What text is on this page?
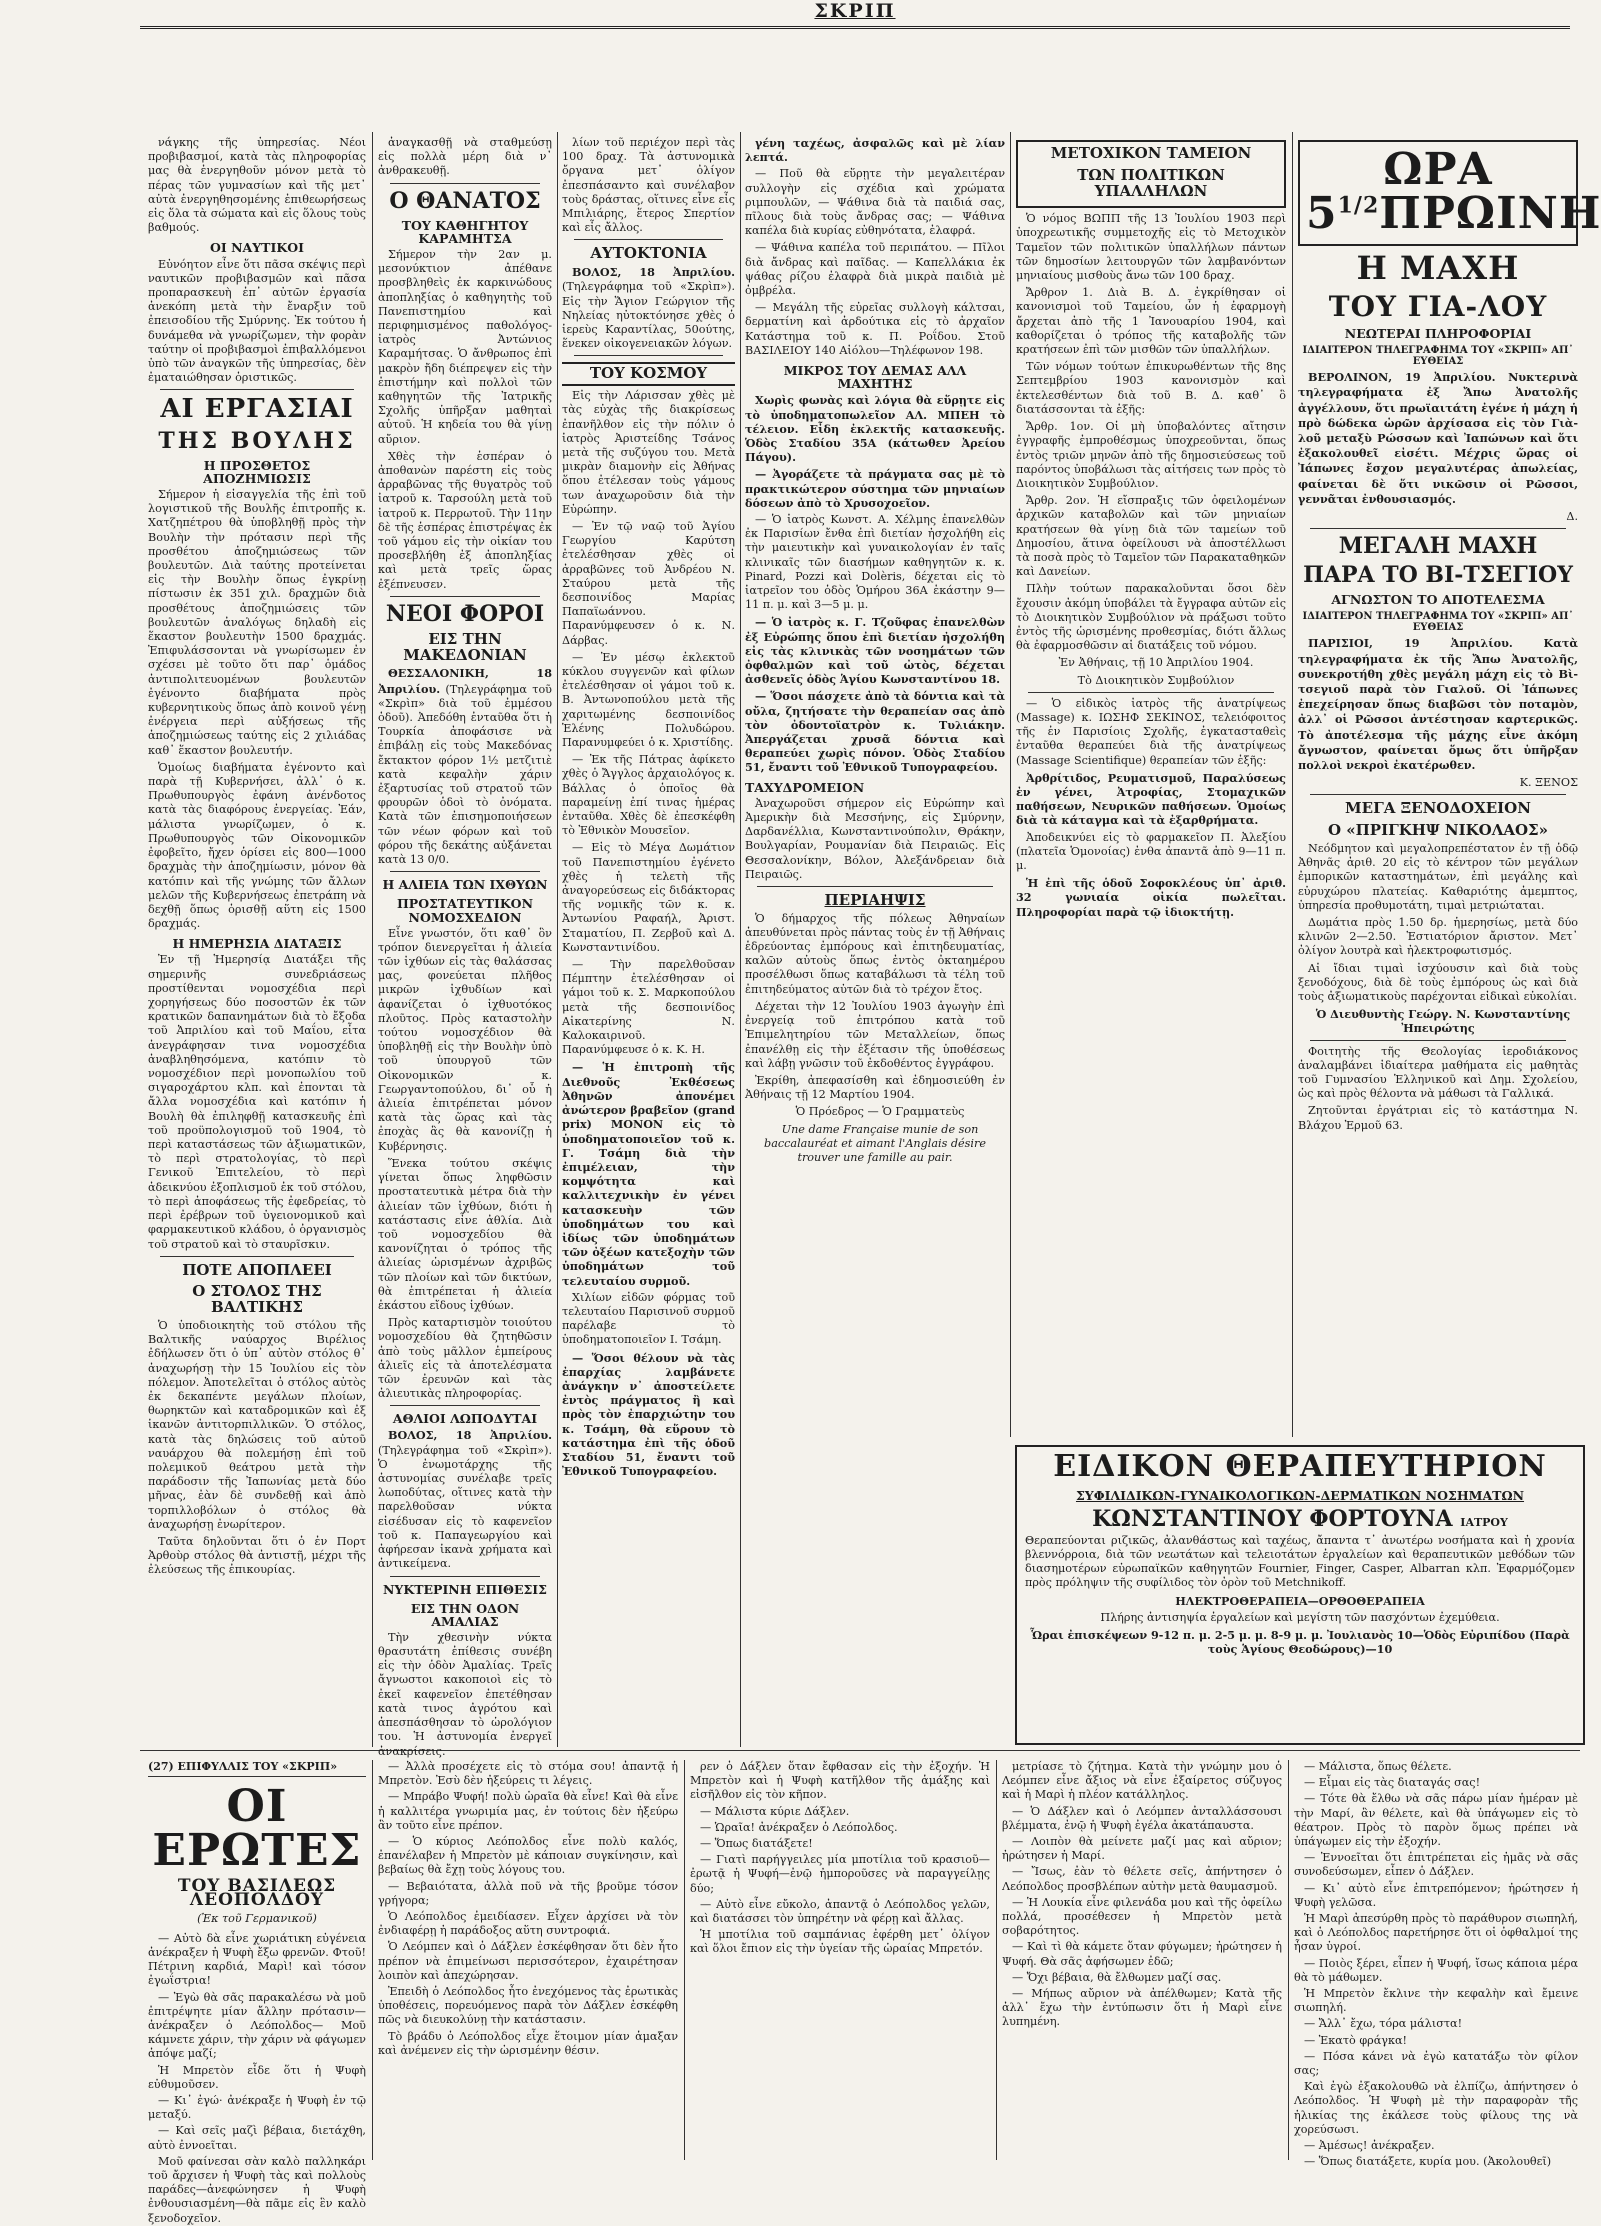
ΣΚΡΙΠ

νάγκης τῆς ὑπηρεσίας. Νέοι προβιβασμοί, κατὰ τὰς πληροφορίας μας θὰ ἐνεργηθοῦν μόνον μετὰ τὸ πέρας τῶν γυμνασίων καὶ τῆς μετ᾽ αὐτὰ ἐνεργηθησομένης ἐπιθεωρήσεως εἰς ὅλα τὰ σώματα καὶ εἰς ὅλους τοὺς βαθμούς.

ΟΙ ΝΑΥΤΙΚΟΙ

Εὐνόητον εἶνε ὅτι πᾶσα σκέψις περὶ ναυτικῶν προβιβασμῶν καὶ πᾶσα προπαρασκευὴ ἐπ᾽ αὐτῶν ἐργασία ἀνεκόπη μετὰ τὴν ἔναρξιν τοῦ ἐπεισοδίου τῆς Σμύρνης. Ἐκ τούτου ἡ δυνάμεθα νὰ γνωρίζωμεν, τὴν φορὰν ταύτην οἱ προβιβασμοὶ ἐπιβαλλόμενοι ὑπὸ τῶν ἀναγκῶν τῆς ὑπηρεσίας, δὲν ἐματαιώθησαν ὁριστικῶς.

ΑΙ ΕΡΓΑΣΙΑΙ
ΤΗΣ ΒΟΥΛΗΣ
Η ΠΡΟΣΘΕΤΟΣ ΑΠΟΖΗΜΙΩΣΙΣ

Σήμερον ἡ εἰσαγγελία τῆς ἐπὶ τοῦ λογιστικοῦ τῆς Βουλῆς ἐπιτροπῆς κ. Χατζηπέτρου θὰ ὑποβληθῇ πρὸς τὴν Βουλὴν τὴν πρότασιν περὶ τῆς προσθέτου ἀποζημιώσεως τῶν βουλευτῶν. Διὰ ταύτης προτείνεται εἰς τὴν Βουλὴν ὅπως ἐγκρίνῃ πίστωσιν ἐκ 351 χιλ. δραχμῶν διὰ προσθέτους ἀποζημιώσεις τῶν βουλευτῶν ἀναλόγως δηλαδὴ εἰς ἕκαστον βουλευτὴν 1500 δραχμάς. Ἐπιφυλάσσονται νὰ γνωρίσωμεν ἐν σχέσει μὲ τοῦτο ὅτι παρ᾽ ὁμάδος ἀντιπολιτευομένων βουλευτῶν ἐγένοντο διαβήματα πρὸς κυβερνητικοὺς ὅπως ἀπὸ κοινοῦ γένῃ ἐνέργεια περὶ αὐξήσεως τῆς ἀποζημιώσεως ταύτης εἰς 2 χιλιάδας καθ᾽ ἕκαστον βουλευτήν.

Ὁμοίως διαβήματα ἐγένοντο καὶ παρὰ τῇ Κυβερνήσει, ἀλλ᾽ ὁ κ. Πρωθυπουργὸς ἐφάνη ἀνένδοτος κατὰ τὰς διαφόρους ἐνεργείας. Ἐάν, μάλιστα γνωρίζωμεν, ὁ κ. Πρωθυπουργὸς τῶν Οἰκονομικῶν ἐφοβεῖτο, ἤχεν ὁρίσει εἰς 800—1000 δραχμὰς τὴν ἀποζημίωσιν, μόνον θὰ κατόπιν καὶ τῆς γνώμης τῶν ἄλλων μελῶν τῆς Κυβερνήσεως ἐπετράπη νὰ δεχθῇ ὅπως ὁρισθῇ αὕτη εἰς 1500 δραχμάς.

Η ΗΜΕΡΗΣΙΑ ΔΙΑΤΑΞΙΣ

Ἐν τῇ Ἡμερησίᾳ Διατάξει τῆς σημερινῆς συνεδριάσεως προστίθενται νομοσχέδια περὶ χορηγήσεως δύο ποσοστῶν ἐκ τῶν κρατικῶν δαπανημάτων διὰ τὸ ἔξοδα τοῦ Ἀπριλίου καὶ τοῦ Μαΐου, εἶτα ἀνεγράφησαν τινα νομοσχέδια ἀναβληθησόμενα, κατόπιν τὸ νομοσχέδιον περὶ μονοπωλίου τοῦ σιγαροχάρτου κλπ. καὶ ἐπονται τὰ ἄλλα νομοσχέδια καὶ κατόπιν ἡ Βουλὴ θὰ ἐπιληφθῇ κατασκευῆς ἐπὶ τοῦ προϋπολογισμοῦ τοῦ 1904, τὸ περὶ καταστάσεως τῶν ἀξιωματικῶν, τὸ περὶ στρατολογίας, τὸ περὶ Γενικοῦ Ἐπιτελείου, τὸ περὶ ἀδεικνύου ἐξοπλισμοῦ ἐκ τοῦ στόλου, τὸ περὶ ἀποφάσεως τῆς ἐφεδρείας, τὸ περὶ ἐρέβρων τοῦ ὑγειονομικοῦ καὶ φαρμακευτικοῦ κλάδου, ὁ ὀργανισμὸς τοῦ στρατοῦ καὶ τὸ σταυρῖσκιν.

ΠΟΤΕ ΑΠΟΠΛΕΕΙ
Ο ΣΤΟΛΟΣ ΤΗΣ ΒΑΛΤΙΚΗΣ

Ὁ ὑποδιοικητὴς τοῦ στόλου τῆς Βαλτικῆς ναύαρχος Βιρέλιος ἐδήλωσεν ὅτι ὁ ὑπ᾽ αὐτὸν στόλος θ᾽ ἀναχωρήσῃ τὴν 15 Ἰουλίου εἰς τὸν πόλεμον. Ἀποτελεῖται ὁ στόλος αὐτὸς ἐκ δεκαπέντε μεγάλων πλοίων, θωρηκτῶν καὶ καταδρομικῶν καὶ ἐξ ἱκανῶν ἀντιτορπιλλικῶν. Ὁ στόλος, κατὰ τὰς δηλώσεις τοῦ αὐτοῦ ναυάρχου θὰ πολεμήσῃ ἐπὶ τοῦ πολεμικοῦ θεάτρου μετὰ τὴν παράδοσιν τῆς Ἰαπωνίας μετὰ δύο μῆνας, ἐὰν δὲ συνδεθῇ καὶ ἀπὸ τορπιλλοβόλων ὁ στόλος θὰ ἀναχωρήσῃ ἐνωρίτερον.

Ταῦτα δηλοῦνται ὅτι ὁ ἐν Πορτ Ἀρθοὺρ στόλος θὰ ἀντιστῇ, μέχρι τῆς ἐλεύσεως τῆς ἐπικουρίας.

ἀναγκασθῇ νὰ σταθμεύσῃ εἰς πολλὰ μέρη διὰ ν᾽ ἀνθρακευθῇ.

Ο ΘΑΝΑΤΟΣ
ΤΟΥ ΚΑΘΗΓΗΤΟΥ ΚΑΡΑΜΗΤΣΑ

Σήμερον τὴν 2αν μ. μεσονύκτιον ἀπέθανε προσβληθεὶς ἐκ καρκινώδους ἀποπληξίας ὁ καθηγητὴς τοῦ Πανεπιστημίου καὶ περιφημισμένος παθολόγος-ἰατρὸς Ἀντώνιος Καραμήτσας. Ὁ ἄνθρωπος ἐπὶ μακρὸν ἤδη διέπρεψεν εἰς τὴν ἐπιστήμην καὶ πολλοὶ τῶν καθηγητῶν τῆς Ἰατρικῆς Σχολῆς ὑπῆρξαν μαθηταὶ αὐτοῦ. Ἡ κηδεία του θὰ γίνῃ αὔριον.

Χθὲς τὴν ἑσπέραν ὁ ἀποθανὼν παρέστη εἰς τοὺς ἀρραβῶνας τῆς θυγατρὸς τοῦ ἰατροῦ κ. Ταρσούλη μετὰ τοῦ ἰατροῦ κ. Περρωτοῦ. Τὴν 11ην δὲ τῆς ἑσπέρας ἐπιστρέψας ἐκ τοῦ γάμου εἰς τὴν οἰκίαν του προσεβλήθη ἐξ ἀποπληξίας καὶ μετὰ τρεῖς ὥρας ἐξέπνευσεν.

ΝΕΟΙ ΦΟΡΟΙ
ΕΙΣ ΤΗΝ ΜΑΚΕΔΟΝΙΑΝ

ΘΕΣΣΑΛΟΝΙΚΗ, 18 Ἀπριλίου. (Τηλεγράφημα τοῦ «Σκρὶπ» διὰ τοῦ ἐμμέσου ὁδοῦ). Ἀπεδόθη ἐνταῦθα ὅτι ἡ Τουρκία ἀποφάσισε νὰ ἐπιβάλῃ εἰς τοὺς Μακεδόνας ἔκτακτον φόρον 1½ μετζιτιὲ κατὰ κεφαλὴν χάριν ἐξαρτυσίας τοῦ στρατοῦ τῶν φρουρῶν ὁδοὶ τὸ ὀνόματα. Κατὰ τῶν ἐπισημοποιήσεων τῶν νέων φόρων καὶ τοῦ φόρου τῆς δεκάτης αὐξάνεται κατὰ 13 0/0.

Η ΑΛΙΕΙΑ ΤΩΝ ΙΧΘΥΩΝ
ΠΡΟΣΤΑΤΕΥΤΙΚΟΝ ΝΟΜΟΣΧΕΔΙΟΝ

Εἶνε γνωστόν, ὅτι καθ᾽ ὃν τρόπον διενεργεῖται ἡ ἀλιεία τῶν ἰχθύων εἰς τὰς θαλάσσας μας, φονεύεται πλῆθος μικρῶν ἰχθυδίων καὶ ἀφανίζεται ὁ ἰχθυοτόκος πλοῦτος. Πρὸς καταστολὴν τούτου νομοσχέδιον θὰ ὑποβληθῇ εἰς τὴν Βουλὴν ὑπὸ τοῦ ὑπουργοῦ τῶν Οἰκονομικῶν κ. Γεωργαντοπούλου, δι᾽ οὗ ἡ ἀλιεία ἐπιτρέπεται μόνον κατὰ τὰς ὥρας καὶ τὰς ἐποχὰς ἃς θὰ κανονίζῃ ἡ Κυβέρνησις.

Ἕνεκα τούτου σκέψις γίνεται ὅπως ληφθῶσιν προστατευτικὰ μέτρα διὰ τὴν ἀλιείαν τῶν ἰχθύων, διότι ἡ κατάστασις εἶνε ἀθλία. Διὰ τοῦ νομοσχεδίου θὰ κανονίζηται ὁ τρόπος τῆς ἀλιείας ὡρισμένων ἀχριβῶς τῶν πλοίων καὶ τῶν δικτύων, θὰ ἐπιτρέπεται ἡ ἀλιεία ἑκάστου εἴδους ἰχθύων.

Πρὸς καταρτισμὸν τοιούτου νομοσχεδίου θὰ ζητηθῶσιν ἀπὸ τοὺς μᾶλλον ἐμπείρους ἁλιεῖς εἰς τὰ ἀποτελέσματα τῶν ἐρευνῶν καὶ τὰς ἀλιευτικὰς πληροφορίας.

ΑΘΛΙΟΙ ΛΩΠΟΔΥΤΑΙ

ΒΟΛΟΣ, 18 Ἀπριλίου. (Τηλεγράφημα τοῦ «Σκρὶπ»). Ὁ ἐνωμοτάρχης τῆς ἀστυνομίας συνέλαβε τρεῖς λωποδύτας, οἵτινες κατὰ τὴν παρελθοῦσαν νύκτα εἰσέδυσαν εἰς τὸ καφενεῖον τοῦ κ. Παπαγεωργίου καὶ ἀφήρεσαν ἱκανὰ χρήματα καὶ ἀντικείμενα.

ΝΥΚΤΕΡΙΝΗ ΕΠΙΘΕΣΙΣ
ΕΙΣ ΤΗΝ ΟΔΟΝ ΑΜΑΛΙΑΣ

Τὴν χθεσινὴν νύκτα θρασυτάτη ἐπίθεσις συνέβη εἰς τὴν ὁδὸν Ἀμαλίας. Τρεῖς ἄγνωστοι κακοποιοὶ εἰς τὸ ἐκεῖ καφενεῖον ἐπετέθησαν κατὰ τινος ἀγρότου καὶ ἀπεσπάσθησαν τὸ ὡρολόγιον του. Ἡ ἀστυνομία ἐνεργεῖ ἀνακρίσεις.

λίων τοῦ περιέχον περὶ τὰς 100 δραχ. Τὰ ἀστυνομικὰ ὄργανα μετ᾽ ὀλίγον ἐπεσπάσαντο καὶ συνέλαβον τοὺς δράστας, οἵτινες εἶνε εἷς Μπιλιάρης, ἕτερος Σπερτίον καὶ εἷς ἄλλος.

ΑΥΤΟΚΤΟΝΙΑ

ΒΟΛΟΣ, 18 Ἀπριλίου. (Τηλεγράφημα τοῦ «Σκρὶπ»). Εἰς τὴν Ἅγιον Γεώργιον τῆς Νηλείας ηὐτοκτόνησε χθὲς ὁ ἱερεὺς Καραντίλας, 50ούτης, ἕνεκεν οἰκογενειακῶν λόγων.

ΤΟΥ ΚΟΣΜΟΥ

Εἰς τὴν Λάρισσαν χθὲς μὲ τὰς εὐχὰς τῆς διακρίσεως ἐπανῆλθον εἰς τὴν πόλιν ὁ ἰατρὸς Ἀριστείδης Τσάνος μετὰ τῆς συζύγου του. Μετὰ μικρὰν διαμονὴν εἰς Ἀθήνας ὅπου ἐτέλεσαν τοὺς γάμους των ἀναχωροῦσιν διὰ τὴν Εὐρώπην.

— Ἐν τῷ ναῷ τοῦ Ἁγίου Γεωργίου Καρύτση ἐτελέσθησαν χθὲς οἱ ἀρραβῶνες τοῦ Ἀνδρέου Ν. Σταύρου μετὰ τῆς δεσποινίδος Μαρίας Παπαϊωάννου. Παρανύμφευσεν ὁ κ. Ν. Δάρβας.

— Ἐν μέσῳ ἐκλεκτοῦ κύκλου συγγενῶν καὶ φίλων ἐτελέσθησαν οἱ γάμοι τοῦ κ. Β. Ἀντωνοπούλου μετὰ τῆς χαριτωμένης δεσποινίδος Ἑλένης Πολυδώρου. Παρανυμφεύει ὁ κ. Χριστίδης.

— Ἐκ τῆς Πάτρας ἀφίκετο χθὲς ὁ Ἄγγλος ἀρχαιολόγος κ. Βάλλας ὁ ὁποῖος θὰ παραμείνῃ ἐπί τινας ἡμέρας ἐνταῦθα. Χθὲς δὲ ἐπεσκέφθη τὸ Ἐθνικὸν Μουσεῖον.

— Εἰς τὸ Μέγα Δωμάτιον τοῦ Πανεπιστημίου ἐγένετο χθὲς ἡ τελετὴ τῆς ἀναγορεύσεως εἰς διδάκτορας τῆς νομικῆς τῶν κ. κ. Ἀντωνίου Ραφαήλ, Ἀριστ. Σταματίου, Π. Ζερβοῦ καὶ Δ. Κωνσταντινίδου.

— Τὴν παρελθοῦσαν Πέμπτην ἐτελέσθησαν οἱ γάμοι τοῦ κ. Σ. Μαρκοπούλου μετὰ τῆς δεσποινίδος Αἰκατερίνης Ν. Καλοκαιρινοῦ. Παρανύμφευσε ὁ κ. Κ. Η.

— Ἡ ἐπιτροπὴ τῆς Διεθνοῦς Ἐκθέσεως Ἀθηνῶν ἀπονέμει ἀνώτερον βραβεῖον (grand prix) ΜΟΝΟΝ εἰς τὸ ὑποδηματοποιεῖον τοῦ κ. Γ. Τσάμη διὰ τὴν ἐπιμέλειαν, τὴν κομψότητα καὶ καλλιτεχνικὴν ἐν γένει κατασκευὴν τῶν ὑποδημάτων του καὶ ἰδίως τῶν ὑποδημάτων τῶν ὀξέων κατεξοχὴν τῶν ὑποδημάτων τοῦ τελευταίου συρμοῦ.

Χιλίων εἰδῶν φόρμας τοῦ τελευταίου Παρισινοῦ συρμοῦ παρέλαβε τὸ ὑποδηματοποιεῖον Ι. Τσάμη.

— Ὅσοι θέλουν νὰ τὰς ἐπαρχίας λαμβάνετε ἀνάγκην ν᾽ ἀποστείλετε ἐντὸς πράγματος ἢ καὶ πρὸς τὸν ἐπαρχιώτην του κ. Τσάμη, θὰ εὕρουν τὸ κατάστημα ἐπὶ τῆς ὁδοῦ Σταδίου 51, ἔναντι τοῦ Ἐθνικοῦ Τυπογραφείου.

γένη ταχέως, ἀσφαλῶς καὶ μὲ λίαν λεπτά.

— Ποῦ θὰ εὕρῃτε τὴν μεγαλειτέραν συλλογὴν εἰς σχέδια καὶ χρώματα ριμπουλῶν, — Ψάθινα διὰ τὰ παιδιά σας, πῖλους διὰ τοὺς ἄνδρας σας; — Ψάθινα καπέλα διὰ κυρίας εὐθηνότατα, ἐλαφρά.

— Ψάθινα καπέλα τοῦ περιπάτου. — Πῖλοι διὰ ἄνδρας καὶ παῖδας. — Καπελλάκια ἐκ ψάθας ρίζου ἐλαφρὰ διὰ μικρὰ παιδιὰ μὲ ὁμβρέλα.

— Μεγάλη τῆς εὐρεῖας συλλογὴ κάλτσαι, δερματίνη καὶ ἀρδούτικα εἰς τὸ ἀρχαῖον Κατάστημα τοῦ κ. Π. Ροΐδου. Στοῦ ΒΑΣΙΛΕΙΟΥ 140 Αἰόλου—Τηλέφωνον 198.

ΜΙΚΡΟΣ ΤΟΥ ΔΕΜΑΣ ΑΛΛ ΜΑΧΗΤΗΣ

Χωρὶς φωνὰς καὶ λόγια θὰ εὕρῃτε εἰς τὸ ὑποδηματοπωλεῖον ΑΛ. ΜΠΕΗ τὸ τέλειον. Εἶδη ἐκλεκτῆς κατασκευῆς. Ὁδὸς Σταδίου 35Α (κάτωθεν Ἀρείου Πάγου).

— Ἀγοράζετε τὰ πράγματα σας μὲ τὸ πρακτικώτερον σύστημα τῶν μηνιαίων δόσεων ἀπὸ τὸ Χρυσοχοεῖον.

— Ὁ ἰατρὸς Κωνστ. Α. Χέλμης ἐπανελθὼν ἐκ Παρισίων ἔνθα ἐπὶ διετίαν ἠσχολήθη εἰς τὴν μαιευτικὴν καὶ γυναικολογίαν ἐν ταῖς κλινικαῖς τῶν διασήμων καθηγητῶν κ. κ. Pinard, Pozzi καὶ Dolèris, δέχεται εἰς τὸ ἰατρεῖον του ὁδὸς Ὁμήρου 36Α ἑκάστην 9—11 π. μ. καὶ 3—5 μ. μ.

— Ὁ ἰατρὸς κ. Γ. Τζοῦφας ἐπανελθὼν ἐξ Εὐρώπης ὅπου ἐπὶ διετίαν ἠσχολήθη εἰς τὰς κλινικὰς τῶν νοσημάτων τῶν ὀφθαλμῶν καὶ τοῦ ὠτὸς, δέχεται ἀσθενεῖς ὁδὸς Ἁγίου Κωνσταντίνου 18.

— Ὅσοι πάσχετε ἀπὸ τὰ δόντια καὶ τὰ οὔλα, ζητήσατε τὴν θεραπείαν σας ἀπὸ τὸν ὀδοντοϊατρὸν κ. Τυλιάκην. Ἀπεργάζεται χρυσᾶ δόντια καὶ θεραπεύει χωρὶς πόνον. Ὁδὸς Σταδίου 51, ἔναντι τοῦ Ἐθνικοῦ Τυπογραφείου.

ΤΑΧΥΔΡΟΜΕΙΟΝ

Ἀναχωροῦσι σήμερον εἰς Εὐρώπην καὶ Ἀμερικὴν διὰ Μεσσήνης, εἰς Σμύρνην, Δαρδανέλλια, Κωνσταντινούπολιν, Θράκην, Βουλγαρίαν, Ρουμανίαν διὰ Πειραιῶς. Εἰς Θεσσαλονίκην, Βόλον, Ἀλεξάνδρειαν διὰ Πειραιῶς.

ΠΕΡΙΑΗΨΙΣ

Ὁ δήμαρχος τῆς πόλεως Ἀθηναίων ἀπευθύνεται πρὸς πάντας τοὺς ἐν τῇ Ἀθήναις ἑδρεύοντας ἐμπόρους καὶ ἐπιτηδευματίας, καλῶν αὐτοὺς ὅπως ἐντὸς ὀκταημέρου προσέλθωσι ὅπως καταβάλωσι τὰ τέλη τοῦ ἐπιτηδεύματος αὐτῶν διὰ τὸ τρέχον ἔτος.

Δέχεται τὴν 12 Ἰουλίου 1903 ἀγωγὴν ἐπὶ ἐνεργείᾳ τοῦ ἐπιτρόπου κατὰ τοῦ Ἐπιμελητηρίου τῶν Μεταλλείων, ὅπως ἐπανέλθῃ εἰς τὴν ἐξέτασιν τῆς ὑποθέσεως καὶ λάβῃ γνῶσιν τοῦ ἐκδοθέντος ἐγγράφου.

Ἐκρίθη, ἀπεφασίσθη καὶ ἐδημοσιεύθη ἐν Ἀθήναις τῇ 12 Μαρτίου 1904.

Ὁ Πρόεδρος — Ὁ Γραμματεὺς

Une dame Française munie de son baccalauréat et aimant l'Anglais désire trouver une famille au pair.

ΜΕΤΟΧΙΚΟΝ ΤΑΜΕΙΟΝ
ΤΩΝ ΠΟΛΙΤΙΚΩΝ ΥΠΑΛΛΗΛΩΝ

Ὁ νόμος ΒΩΠΠ τῆς 13 Ἰουλίου 1903 περὶ ὑποχρεωτικῆς συμμετοχῆς εἰς τὸ Μετοχικὸν Ταμεῖον τῶν πολιτικῶν ὑπαλλήλων πάντων τῶν δημοσίων λειτουργῶν τῶν λαμβανόντων μηνιαίους μισθοὺς ἄνω τῶν 100 δραχ.

Ἄρθρον 1. Διὰ Β. Δ. ἐγκρίθησαν οἱ κανονισμοὶ τοῦ Ταμείου, ὧν ἡ ἐφαρμογὴ ἄρχεται ἀπὸ τῆς 1 Ἰανουαρίου 1904, καὶ καθορίζεται ὁ τρόπος τῆς καταβολῆς τῶν κρατήσεων ἐπὶ τῶν μισθῶν τῶν ὑπαλλήλων.

Τῶν νόμων τούτων ἐπικυρωθέντων τῆς 8ης Σεπτεμβρίου 1903 κανονισμὸν καὶ ἐκτελεσθέντων διὰ τοῦ Β. Δ. καθ᾽ ὃ διατάσσονται τὰ ἑξῆς:

Ἄρθρ. 1ον. Οἱ μὴ ὑποβαλόντες αἴτησιν ἐγγραφῆς ἐμπροθέσμως ὑποχρεοῦνται, ὅπως ἐντὸς τριῶν μηνῶν ἀπὸ τῆς δημοσιεύσεως τοῦ παρόντος ὑποβάλωσι τὰς αἰτήσεις των πρὸς τὸ Διοικητικὸν Συμβούλιον.

Ἄρθρ. 2ον. Ἡ εἴσπραξις τῶν ὀφειλομένων ἀρχικῶν καταβολῶν καὶ τῶν μηνιαίων κρατήσεων θὰ γίνῃ διὰ τῶν ταμείων τοῦ Δημοσίου, ἅτινα ὀφείλουσι νὰ ἀποστέλλωσι τὰ ποσὰ πρὸς τὸ Ταμεῖον τῶν Παρακαταθηκῶν καὶ Δανείων.

Πλὴν τούτων παρακαλοῦνται ὅσοι δὲν ἔχουσιν ἀκόμη ὑποβάλει τὰ ἔγγραφα αὐτῶν εἰς τὸ Διοικητικὸν Συμβούλιον νὰ πράξωσι τοῦτο ἐντὸς τῆς ὡρισμένης προθεσμίας, διότι ἄλλως θὰ ἐφαρμοσθῶσιν αἱ διατάξεις τοῦ νόμου.

Ἐν Ἀθήναις, τῇ 10 Ἀπριλίου 1904.

Τὸ Διοικητικὸν Συμβούλιον

— Ὁ εἰδικὸς ἰατρὸς τῆς ἀνατρίψεως (Massage) κ. ΙΩΣΗΦ ΣΕΚΙΝΟΣ, τελειόφοιτος τῆς ἐν Παρισίοις Σχολῆς, ἐγκατασταθεὶς ἐνταῦθα θεραπεύει διὰ τῆς ἀνατρίψεως (Massage Scientifique) θεραπείαν τῶν ἑξῆς:

Ἀρθρίτιδος, Ρευματισμοῦ, Παραλύσεως ἐν γένει, Ἀτροφίας, Στομαχικῶν παθήσεων, Νευρικῶν παθήσεων. Ὁμοίως διὰ τὰ κάταγμα καὶ τὰ ἐξαρθρήματα.

Ἀποδεικνύει εἰς τὸ φαρμακεῖον Π. Ἀλεξίου (πλατεῖα Ὁμονοίας) ἐνθα ἀπαντᾶ ἀπὸ 9—11 π. μ.

Ἡ ἐπὶ τῆς ὁδοῦ Σοφοκλέους ὑπ᾽ ἀριθ. 32 γωνιαία οἰκία πωλεῖται. Πληροφορίαι παρὰ τῷ ἰδιοκτήτῃ.

ΩΡΑ $5^{1/2}\Pi P\Omega INH$
Η ΜΑΧΗ
ΤΟΥ ΓΙΑ-ΛΟΥ
ΝΕΩΤΕΡΑΙ ΠΛΗΡΟΦΟΡΙΑΙ
ΙΔΙΑΙΤΕΡΟΝ ΤΗΛΕΓΡΑΦΗΜΑ ΤΟΥ «ΣΚΡΙΠ» ΑΠ᾽ ΕΥΘΕΙΑΣ

ΒΕΡΟΛΙΝΟΝ, 19 Ἀπριλίου. Νυκτερινὰ τηλεγραφήματα ἐξ Ἄπω Ἀνατολῆς ἀγγέλλουν, ὅτι πρωϊαιτάτη ἐγένε ἡ μάχη ἡ πρὸ δώδεκα ὡρῶν ἀρχίσασα εἰς τὸν Γιὰ-λοῦ μεταξὺ Ρώσσων καὶ Ἰαπώνων καὶ ὅτι ἐξακολουθεῖ εἰσέτι. Μέχρις ὥρας οἱ Ἰάπωνες ἔσχον μεγαλυτέρας ἀπωλείας, φαίνεται δὲ ὅτι νικῶσιν οἱ Ρῶσσοι, γεννᾶται ἐνθουσιασμός.

Δ.

ΜΕΓΑΛΗ ΜΑΧΗ
ΠΑΡΑ ΤΟ ΒΙ-ΤΣΕΓΙΟΥ
ΑΓΝΩΣΤΟΝ ΤΟ ΑΠΟΤΕΛΕΣΜΑ
ΙΔΙΑΙΤΕΡΟΝ ΤΗΛΕΓΡΑΦΗΜΑ ΤΟΥ «ΣΚΡΙΠ» ΑΠ᾽ ΕΥΘΕΙΑΣ

ΠΑΡΙΣΙΟΙ, 19 Ἀπριλίου.	Κατὰ τηλεγραφήματα ἐκ τῆς Ἄπω Ἀνατολῆς, συνεκροτήθη χθὲς μεγάλη μάχη εἰς τὸ Βὶ-τσεγιοῦ παρὰ τὸν Γιαλοῦ. Οἱ Ἰάπωνες ἐπεχείρησαν ὅπως διαβῶσι τὸν ποταμὸν, ἀλλ᾽ οἱ Ρῶσσοι ἀντέστησαν καρτερικῶς. Τὸ ἀποτέλεσμα τῆς μάχης εἶνε ἀκόμη ἄγνωστον, φαίνεται ὅμως ὅτι ὑπῆρξαν πολλοὶ νεκροὶ ἐκατέρωθεν.

Κ. ΞΕΝΟΣ

ΜΕΓΑ ΞΕΝΟΔΟΧΕΙΟΝ
Ο «ΠΡΙΓΚΗΨ ΝΙΚΟΛΑΟΣ»

Νεόδμητον καὶ μεγαλοπρεπέστατον ἐν τῇ ὁδῷ Ἀθηνᾶς ἀριθ. 20 εἰς τὸ κέντρον τῶν μεγάλων ἐμπορικῶν καταστημάτων, ἐπὶ μεγάλης καὶ εὐρυχώρου πλατείας. Καθαριότης ἀμεμπτος, ὑπηρεσία προθυμοτάτη, τιμαὶ μετριώταται.

Δωμάτια πρὸς 1.50 δρ. ἡμερησίως, μετὰ δύο κλινῶν 2—2.50. Ἑστιατόριον ἄριστον. Μετ᾽ ὀλίγον λουτρὰ καὶ ἠλεκτροφωτισμός.

Αἱ ἴδιαι τιμαὶ ἰσχύουσιν καὶ διὰ τοὺς ξενοδόχους, διὰ δὲ τοὺς ἐμπόρους ὡς καὶ διὰ τοὺς ἀξιωματικοὺς παρέχονται εἰδικαὶ εὐκολίαι.

Ὁ Διευθυντὴς Γεώργ. Ν. Κωνσταντίνης Ἠπειρώτης

Φοιτητὴς τῆς Θεολογίας ἱεροδιάκονος ἀναλαμβάνει ἰδιαίτερα μαθήματα εἰς μαθητὰς τοῦ Γυμνασίου Ἑλληνικοῦ καὶ Δημ. Σχολείου, ὡς καὶ πρὸς θέλοντα νὰ μάθωσι τὰ Γαλλικά.

Ζητοῦνται ἐργάτριαι εἰς τὸ κατάστημα Ν. Βλάχου Ἑρμοῦ 63.

ΕΙΔΙΚΟΝ ΘΕΡΑΠΕΥΤΗΡΙΟΝ
ΣΥΦΙΛΙΔΙΚΩΝ-ΓΥΝΑΙΚΟΛΟΓΙΚΩΝ-ΔΕΡΜΑΤΙΚΩΝ ΝΟΣΗΜΑΤΩΝ
ΚΩΝΣΤΑΝΤΙΝΟΥ ΦΟΡΤΟΥΝΑ ΙΑΤΡΟΥ

Θεραπεύονται ριζικῶς, ἀλανθάστως καὶ ταχέως, ἄπαντα τ᾽ ἀνωτέρω νοσήματα καὶ ἡ χρονία βλεννόρροια, διὰ τῶν νεωτάτων καὶ τελειοτάτων ἐργαλείων καὶ θεραπευτικῶν μεθόδων τῶν διασημοτέρων εὐρωπαϊκῶν καθηγητῶν Fournier, Finger, Casper, Albarran κλπ. Ἐφαρμόζομεν πρὸς πρόληψιν τῆς συφίλιδος τὸν ὀρὸν τοῦ Metchnikoff.

ΗΛΕΚΤΡΟΘΕΡΑΠΕΙΑ—ΟΡΘΟΘΕΡΑΠΕΙΑ

Πλήρης ἀντισηψία ἐργαλείων καὶ μεγίστη τῶν πασχόντων ἐχεμύθεια.

Ὧραι ἐπισκέψεων 9-12 π. μ. 2-5 μ. μ. 8-9 μ. μ. Ἰουλιανὸς 10—Ὁδὸς Εὐριπίδου (Παρὰ τοὺς Ἁγίους Θεοδώρους)—10

(27) ΕΠΙΦΥΛΛΙΣ ΤΟΥ «ΣΚΡΙΠ»
ΟΙ ΕΡΩΤΕΣ
ΤΟΥ ΒΑΣΙΛΕΩΣ ΛΕΟΠΟΛΔΟΥ
(Ἐκ τοῦ Γερμανικοῦ)

— Αὐτὸ δὰ εἶνε χωριάτικη εὐγένεια ἀνέκραξεν ἡ Ψυφὴ ἔξω φρενῶν. Φτοῦ! Πέτρινη καρδιά, Μαρὶ! καὶ τόσον ἐγωΐστρια!

— Ἐγὼ θὰ σᾶς παρακαλέσω νὰ μοῦ ἐπιτρέψητε μίαν ἄλλην πρότασιν—ἀνέκραξεν ὁ Λεόπολδος— Μοῦ κάμνετε χάριν, τὴν χάριν νὰ φάγωμεν ἀπόψε μαζί;

Ἡ Μπρετὸν εἶδε ὅτι ἡ Ψυφὴ εὐθυμοῦσεν.

— Κι᾽ ἐγώ· ἀνέκραξε ἡ Ψυφὴ ἐν τῷ μεταξύ.

— Καὶ σεῖς μαζὶ βέβαια, διετάχθη, αὐτὸ ἐννοεῖται.

Μοῦ φαίνεσαι σὰν καλὸ παλληκάρι τοῦ ἄρχισεν ἡ Ψυφὴ τὰς καὶ πολλοὺς παράδες—ἀνεφώνησεν ἡ Ψυφὴ ἐνθουσιασμένη—θὰ πᾶμε εἰς ἓν καλὸ ξενοδοχεῖον.

— Ἀλλὰ προσέχετε εἰς τὸ στόμα σου! ἀπαντᾷ ἡ Μπρετὸν. Ἐσὺ δὲν ἠξεύρεις τι λέγεις.

— Μπράβο Ψυφή! πολὺ ὡραῖα θὰ εἶνε! Καὶ θὰ εἶνε ἡ καλλιτέρα γνωριμία μας, ἐν τούτοις δὲν ἠξεύρω ἂν τοῦτο εἶνε πρέπον.

— Ὁ κύριος Λεόπολδος εἶνε πολὺ καλός, ἐπανέλαβεν ἡ Μπρετὸν μὲ κάποιαν συγκίνησιν, καὶ βεβαίως θὰ ἔχῃ τοὺς λόγους του.

— Βεβαιότατα, ἀλλὰ ποῦ νὰ τῆς βροῦμε τόσον γρήγορα;

Ὁ Λεόπολδος ἐμειδίασεν. Εἶχεν ἀρχίσει νὰ τὸν ἐνδιαφέρῃ ἡ παράδοξος αὕτη συντροφιά.

Ὁ Λεόμπεν καὶ ὁ Δάξλεν ἐσκέφθησαν ὅτι δὲν ἦτο πρέπον νὰ ἐπιμείνωσι περισσότερον, ἐχαιρέτησαν λοιπὸν καὶ ἀπεχώρησαν.

Ἐπειδὴ ὁ Λεόπολδος ἦτο ἐνεχόμενος τὰς ἐρωτικὰς ὑποθέσεις, πορευόμενος παρὰ τὸν Δάξλεν ἐσκέφθη πῶς νὰ διευκολύνῃ τὴν κατάστασιν.

Τὸ βράδυ ὁ Λεόπολδος εἶχε ἕτοιμον μίαν ἁμαξαν καὶ ἀνέμενεν εἰς τὴν ὡρισμένην θέσιν.

ρεν ὁ Δάξλεν ὅταν ἔφθασαν εἰς τὴν ἐξοχήν. Ἡ Μπρετὸν καὶ ἡ Ψυφὴ κατῆλθον τῆς ἁμάξης καὶ εἰσῆλθον εἰς τὸν κῆπον.

— Μάλιστα κύριε Δάξλεν.

— Ὡραῖα! ἀνέκραξεν ὁ Λεόπολδος.

— Ὅπως διατάξετε!

— Γιατὶ παρήγγειλες μία μποτίλια τοῦ κρασιοῦ—ἐρωτᾷ ἡ Ψυφή—ἐνῷ ἠμποροῦσες νὰ παραγγείλῃς δύο;

— Αὐτὸ εἶνε εὔκολο, ἀπαντᾷ ὁ Λεόπολδος γελῶν, καὶ διατάσσει τὸν ὑπηρέτην νὰ φέρῃ καὶ ἄλλας.

Ἡ μποτίλια τοῦ σαμπάνιας ἐφέρθη μετ᾽ ὀλίγον καὶ ὅλοι ἔπιον εἰς τὴν ὑγείαν τῆς ὡραίας Μπρετόν.

μετρίασε τὸ ζήτημα. Κατὰ τὴν γνώμην μου ὁ Λεόμπεν εἶνε ἄξιος νὰ εἶνε ἐξαίρετος σύζυγος καὶ ἡ Μαρὶ ἡ πλέον κατάλληλος.

— Ὁ Δάξλεν καὶ ὁ Λεόμπεν ἀνταλλάσσουσι βλέμματα, ἐνῷ ἡ Ψυφὴ ἐγέλα ἀκατάπαυστα.

— Λοιπὸν θὰ μείνετε μαζί μας καὶ αὔριον; ἠρώτησεν ἡ Μαρί.

— Ἴσως, ἐὰν τὸ θέλετε σεῖς, ἀπήντησεν ὁ Λεόπολδος προσβλέπων αὐτὴν μετὰ θαυμασμοῦ.

— Ἡ Λουκία εἶνε φιλενάδα μου καὶ τῆς ὀφείλω πολλά, προσέθεσεν ἡ Μπρετὸν μετὰ σοβαρότητος.

— Καὶ τὶ θὰ κάμετε ὅταν φύγωμεν; ἠρώτησεν ἡ Ψυφή. Θὰ σᾶς ἀφήσωμεν ἐδῶ;

— Ὄχι βέβαια, θὰ ἔλθωμεν μαζί σας.

— Μήπως αὔριον νὰ ἀπέλθωμεν; Κατὰ τῆς ἀλλ᾽ ἔχω τὴν ἐντύπωσιν ὅτι ἡ Μαρὶ εἶνε λυπημένη.

— Μάλιστα, ὅπως θέλετε.

— Εἶμαι εἰς τὰς διαταγάς σας!

— Τότε θὰ ἔλθω νὰ σᾶς πάρω μίαν ἡμέραν μὲ τὴν Μαρί, ἂν θέλετε, καὶ θὰ ὑπάγωμεν εἰς τὸ θέατρον. Πρὸς τὸ παρὸν ὅμως πρέπει νὰ ὑπάγωμεν εἰς τὴν ἐξοχήν.

— Ἐννοεῖται ὅτι ἐπιτρέπεται εἰς ἡμᾶς νὰ σᾶς συνοδεύσωμεν, εἶπεν ὁ Δάξλεν.

— Κι᾽ αὐτὸ εἶνε ἐπιτρεπόμενον; ἠρώτησεν ἡ Ψυφὴ γελῶσα.

Ἡ Μαρὶ ἀπεσύρθη πρὸς τὸ παράθυρον σιωπηλή, καὶ ὁ Λεόπολδος παρετήρησε ὅτι οἱ ὀφθαλμοί της ἦσαν ὑγροί.

— Ποιὸς ξέρει, εἶπεν ἡ Ψυφή, ἴσως κάποια μέρα θὰ τὸ μάθωμεν.

Ἡ Μπρετὸν ἔκλινε τὴν κεφαλὴν καὶ ἔμεινε σιωπηλή.

— Ἄλλ᾽ ἔχω, τόρα μάλιστα!

— Ἐκατὸ φράγκα!

— Πόσα κάνει νὰ ἐγὼ κατατάξω τὸν φίλον σας;

Καὶ ἐγὼ ἐξακολουθῶ νὰ ἐλπίζω, ἀπήντησεν ὁ Λεόπολδος. Ἡ Ψυφὴ μὲ τὴν παραφορὰν τῆς ἡλικίας της ἐκάλεσε τοὺς φίλους της νὰ χορεύσωσι.

— Ἀμέσως! ἀνέκραξεν.

— Ὅπως διατάξετε, κυρία μου. (Ἀκολουθεῖ)
